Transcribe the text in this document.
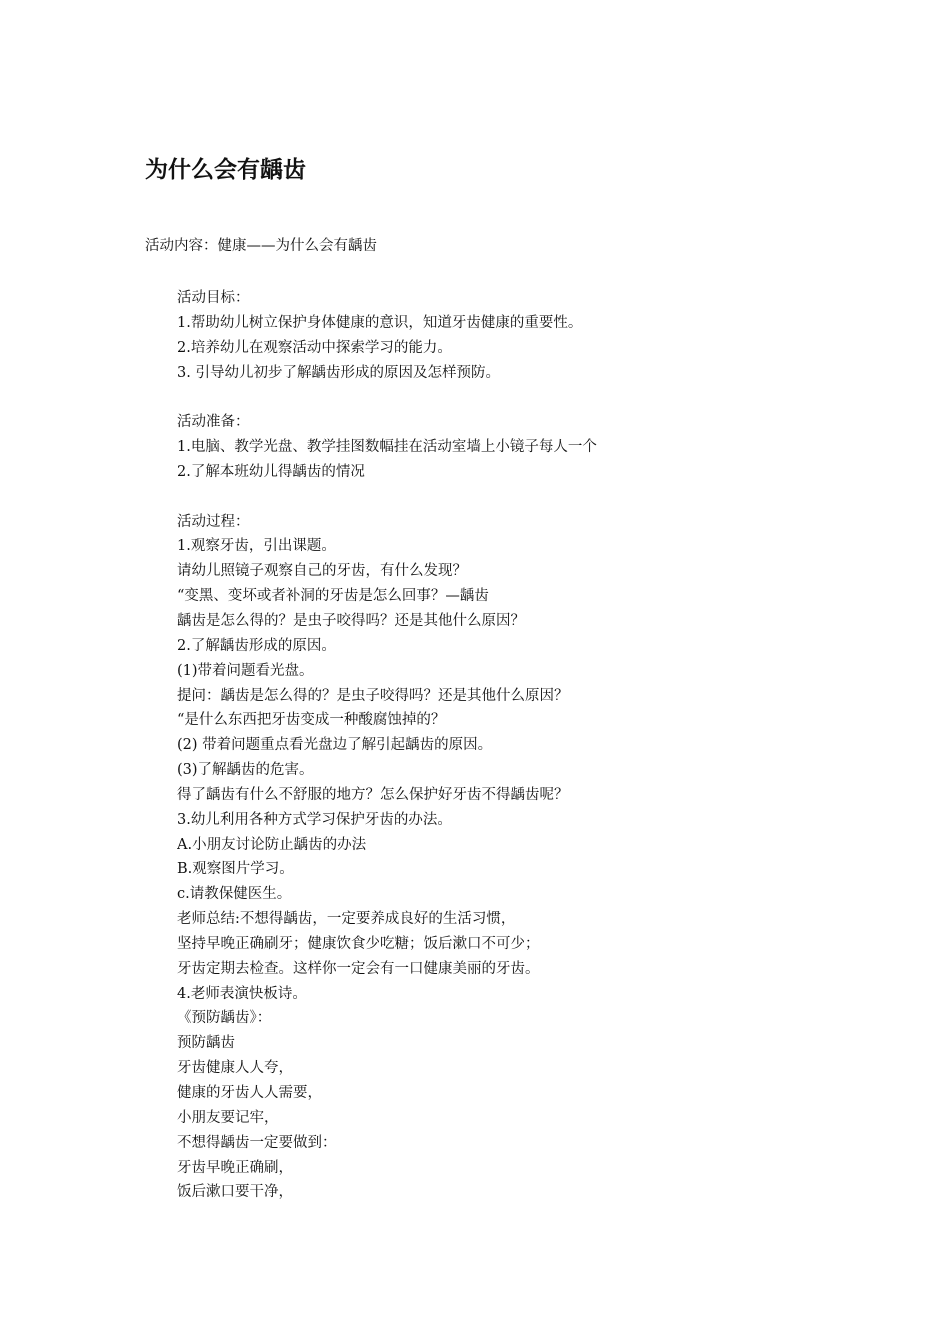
为什么会有龋齿

活动内容：健康——为什么会有龋齿

活动目标：
1.帮助幼儿树立保护身体健康的意识，知道牙齿健康的重要性。
2.培养幼儿在观察活动中探索学习的能力。
3. 引导幼儿初步了解龋齿形成的原因及怎样预防。
活动准备：
1.电脑、教学光盘、教学挂图数幅挂在活动室墙上小镜子每人一个
2.了解本班幼儿得龋齿的情况
活动过程：
1.观察牙齿，引出课题。
请幼儿照镜子观察自己的牙齿，有什么发现？
“变黑、变坏或者补洞的牙齿是怎么回事？—龋齿
龋齿是怎么得的？是虫子咬得吗？还是其他什么原因？
2.了解龋齿形成的原因。
(1)带着问题看光盘。
提问：龋齿是怎么得的？是虫子咬得吗？还是其他什么原因？
“是什么东西把牙齿变成一种酸腐蚀掉的？
(2) 带着问题重点看光盘边了解引起龋齿的原因。
(3)了解龋齿的危害。
得了龋齿有什么不舒服的地方？怎么保护好牙齿不得龋齿呢？
3.幼儿利用各种方式学习保护牙齿的办法。
A.小朋友讨论防止龋齿的办法
B.观察图片学习。
c.请教保健医生。
老师总结:不想得龋齿，一定要养成良好的生活习惯，
坚持早晚正确刷牙；健康饮食少吃糖；饭后漱口不可少；
牙齿定期去检查。这样你一定会有一口健康美丽的牙齿。
4.老师表演快板诗。
《预防龋齿》：
预防龋齿
牙齿健康人人夸，
健康的牙齿人人需要，
小朋友要记牢，
不想得龋齿一定要做到：
牙齿早晚正确刷，
饭后漱口要干净，
